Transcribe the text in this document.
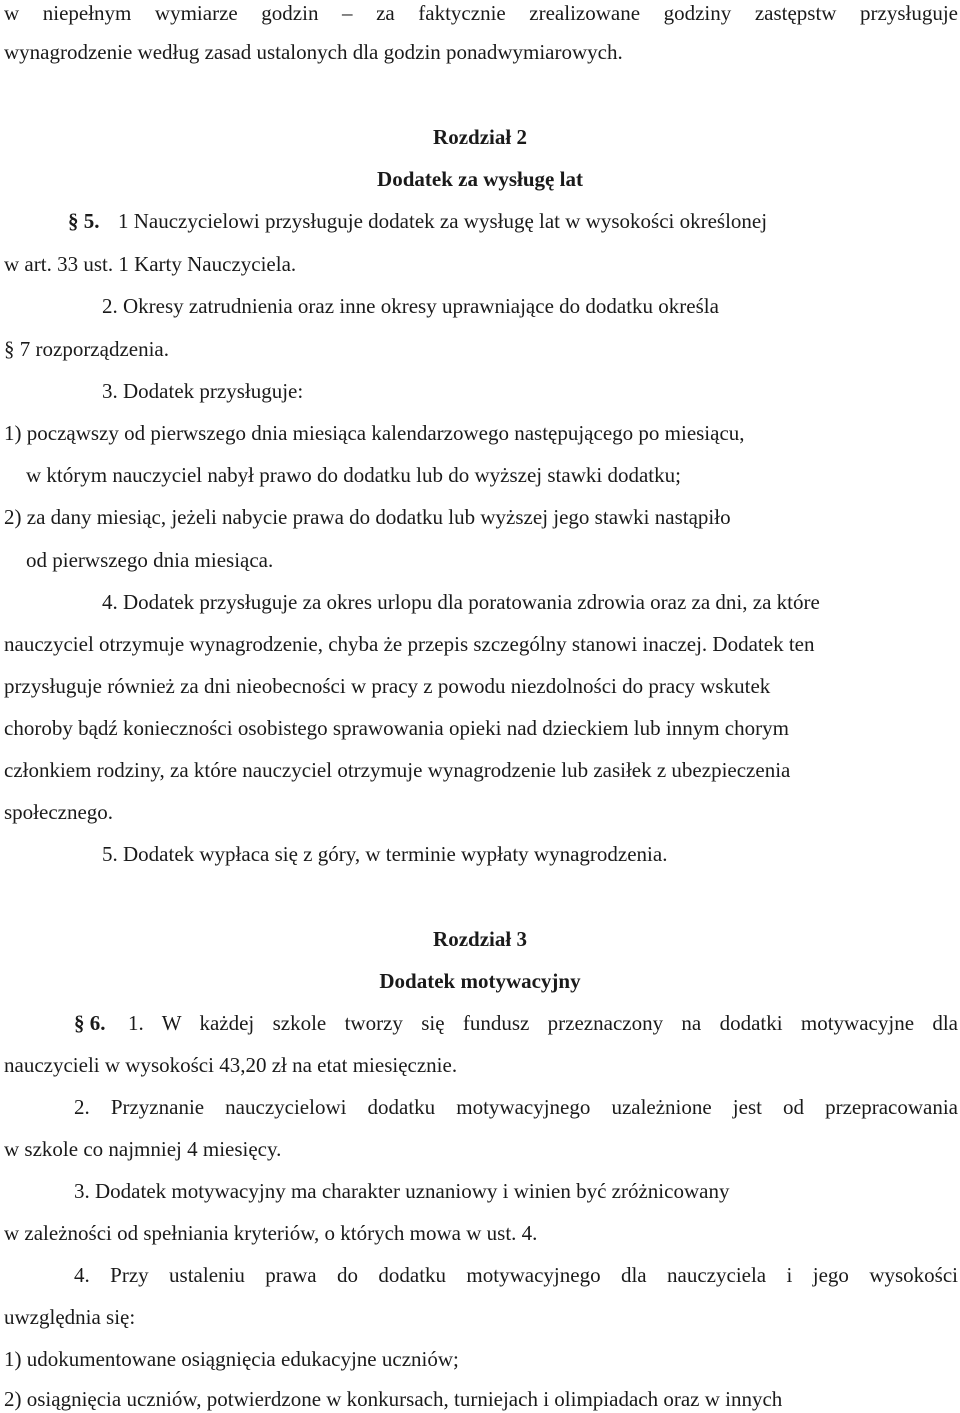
w niepełnym wymiarze godzin – za faktycznie zrealizowane godziny zastępstw przysługuje
wynagrodzenie według zasad ustalonych dla godzin ponadwymiarowych.
Rozdział 2
Dodatek za wysługę lat
§ 5. 1 Nauczycielowi przysługuje dodatek za wysługę lat w wysokości określonej
w art. 33 ust. 1 Karty Nauczyciela.
2. Okresy zatrudnienia oraz inne okresy uprawniające do dodatku określa
§ 7 rozporządzenia.
3. Dodatek przysługuje:
1) począwszy od pierwszego dnia miesiąca kalendarzowego następującego po miesiącu,
w którym nauczyciel nabył prawo do dodatku lub do wyższej stawki dodatku;
2) za dany miesiąc, jeżeli nabycie prawa do dodatku lub wyższej jego stawki nastąpiło
od pierwszego dnia miesiąca.
4. Dodatek przysługuje za okres urlopu dla poratowania zdrowia oraz za dni, za które
nauczyciel otrzymuje wynagrodzenie, chyba że przepis szczególny stanowi inaczej. Dodatek ten
przysługuje również za dni nieobecności w pracy z powodu niezdolności do pracy wskutek
choroby bądź konieczności osobistego sprawowania opieki nad dzieckiem lub innym chorym
członkiem rodziny, za które nauczyciel otrzymuje wynagrodzenie lub zasiłek z ubezpieczenia
społecznego.
5. Dodatek wypłaca się z góry, w terminie wypłaty wynagrodzenia.
Rozdział 3
Dodatek motywacyjny
§ 6. 1. W każdej szkole tworzy się fundusz przeznaczony na dodatki motywacyjne dla
nauczycieli w wysokości 43,20 zł na etat miesięcznie.
2. Przyznanie nauczycielowi dodatku motywacyjnego uzależnione jest od przepracowania
w szkole co najmniej 4 miesięcy.
3. Dodatek motywacyjny ma charakter uznaniowy i winien być zróżnicowany
w zależności od spełniania kryteriów, o których mowa w ust. 4.
4. Przy ustaleniu prawa do dodatku motywacyjnego dla nauczyciela i jego wysokości
uwzględnia się:
1) udokumentowane osiągnięcia edukacyjne uczniów;
2) osiągnięcia uczniów, potwierdzone w konkursach, turniejach i olimpiadach oraz w innych
